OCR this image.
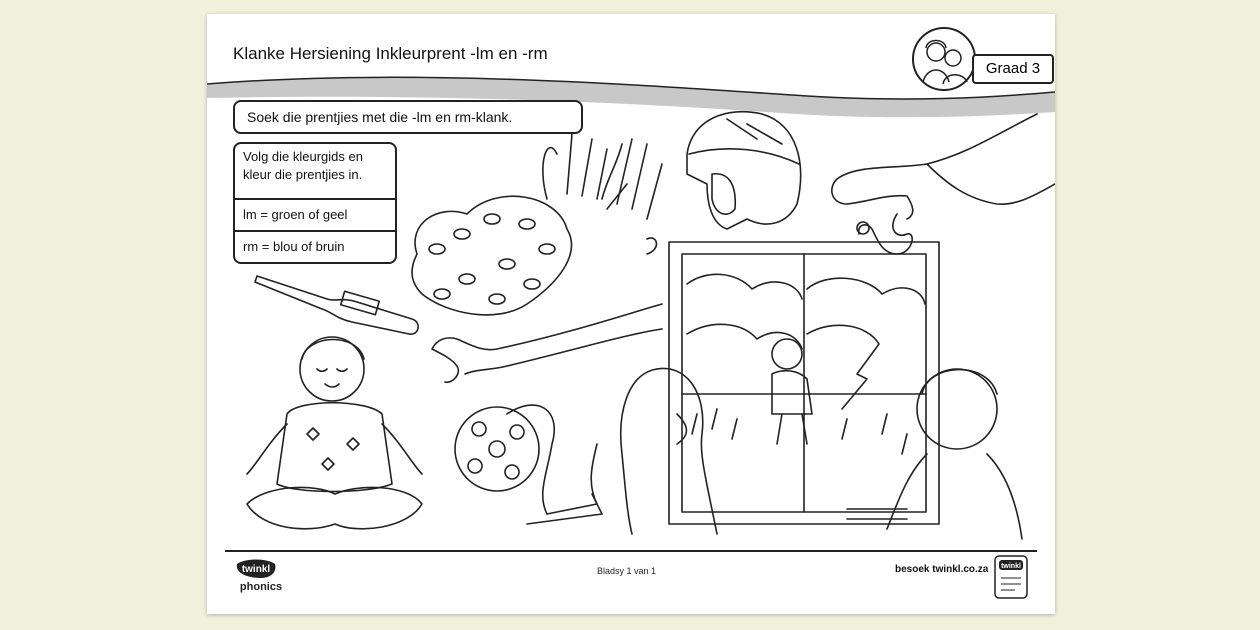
Klanke Hersiening Inkleurprent -lm en -rm
Graad 3
Soek die prentjies met die -lm en rm-klank.
Volg die kleurgids en kleur die prentjies in.
lm = groen of geel
rm = blou of bruin
twinkl
phonics
Bladsy 1 van 1	besoek twinkl.co.za twinkl
